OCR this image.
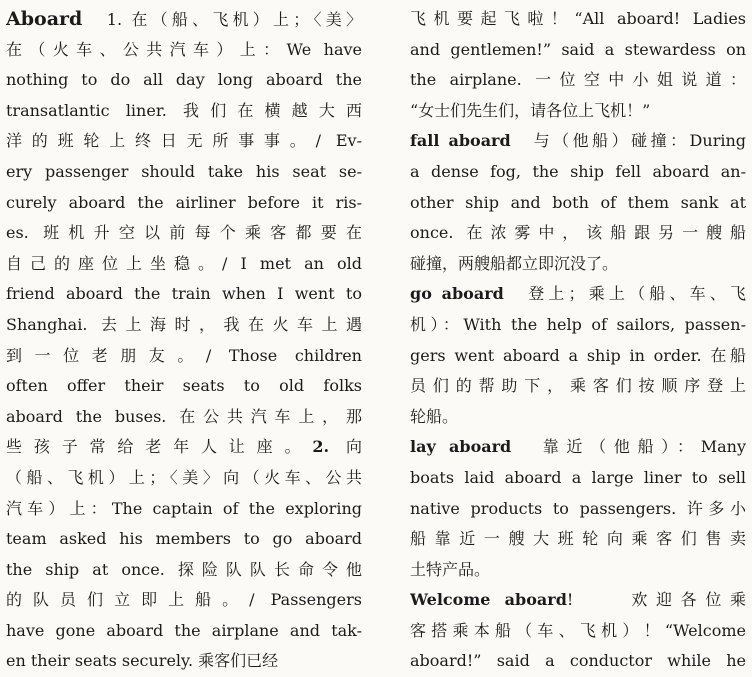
Aboard　1. 在（船、飞机）上；〈美〉
在（火车、公共汽车）上：We have
nothing to do all day long aboard the
transatlantic liner. 我们在横越大西
洋的班轮上终日无所事事。/ Ev-
ery passenger should take his seat se-
curely aboard the airliner before it ris-
es. 班机升空以前每个乘客都要在
自己的座位上坐稳。/ I met an old
friend aboard the train when I went to
Shanghai. 去上海时，我在火车上遇
到一位老朋友。/ Those children
often offer their seats to old folks
aboard the buses. 在公共汽车上，那
些孩子常给老年人让座。2. 向
（船、飞机）上；〈美〉向（火车、公共
汽车）上：The captain of the exploring
team asked his members to go aboard
the ship at once. 探险队队长命令他
的队员们立即上船。/ Passengers
have gone aboard the airplane and tak-
en their seats securely. 乘客们已经
飞机要起飞啦！“All aboard! Ladies
and gentlemen!” said a stewardess on
the airplane. 一位空中小姐说道：
“女士们先生们，请各位上飞机！”
fall aboard　与（他船）碰撞：During
a dense fog, the ship fell aboard an-
other ship and both of them sank at
once. 在浓雾中，该船跟另一艘船
碰撞，两艘船都立即沉没了。
go aboard　登上；乘上（船、车、飞
机）：With the help of sailors, passen-
gers went aboard a ship in order. 在船
员们的帮助下，乘客们按顺序登上
轮船。
lay aboard　靠近（他船）：Many
boats laid aboard a large liner to sell
native products to passengers. 许多小
船靠近一艘大班轮向乘客们售卖
土特产品。
Welcome aboard!　　欢迎各位乘
客搭乘本船（车、飞机）！“Welcome
aboard!” said a conductor while he
